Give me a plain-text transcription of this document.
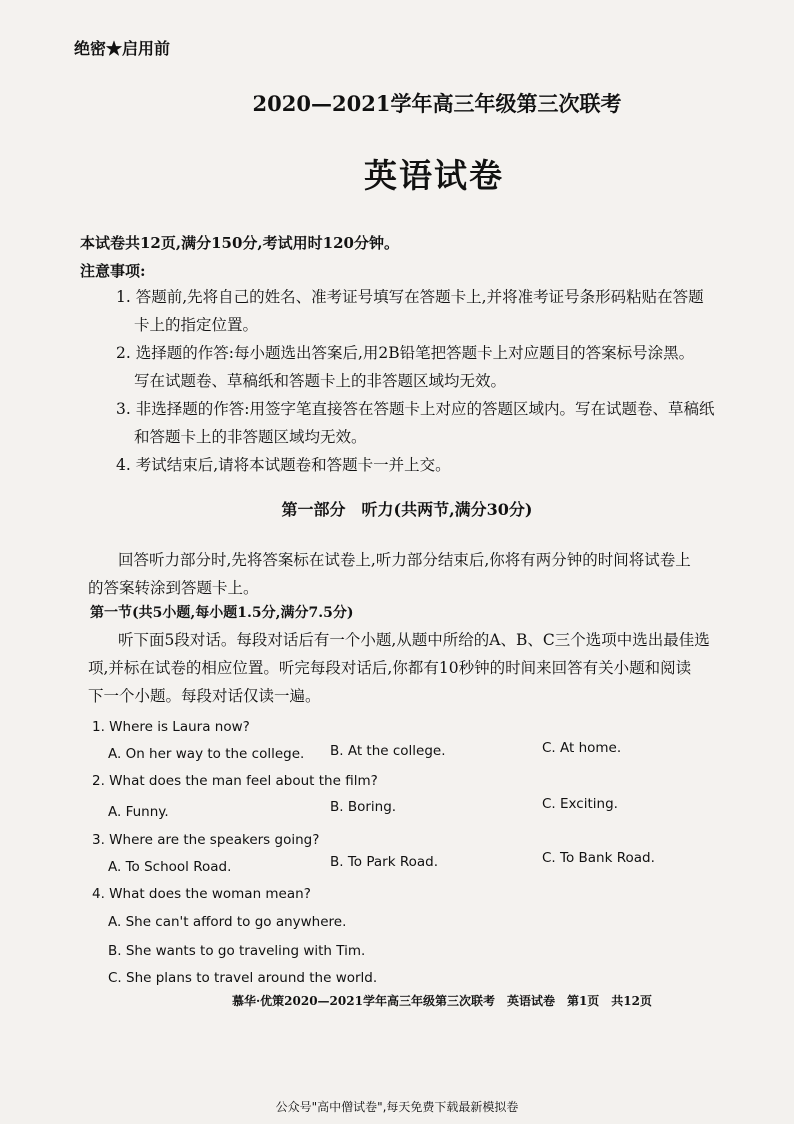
绝密★启用前
2020—2021学年高三年级第三次联考
英语试卷
本试卷共12页,满分150分,考试用时120分钟。
注意事项:
1. 答题前,先将自己的姓名、准考证号填写在答题卡上,并将准考证号条形码粘贴在答题
卡上的指定位置。
2. 选择题的作答:每小题选出答案后,用2B铅笔把答题卡上对应题目的答案标号涂黑。
写在试题卷、草稿纸和答题卡上的非答题区域均无效。
3. 非选择题的作答:用签字笔直接答在答题卡上对应的答题区域内。写在试题卷、草稿纸
和答题卡上的非答题区域均无效。
4. 考试结束后,请将本试题卷和答题卡一并上交。
第一部分　听力(共两节,满分30分)
回答听力部分时,先将答案标在试卷上,听力部分结束后,你将有两分钟的时间将试卷上
的答案转涂到答题卡上。
第一节(共5小题,每小题1.5分,满分7.5分)
听下面5段对话。每段对话后有一个小题,从题中所给的A、B、C三个选项中选出最佳选
项,并标在试卷的相应位置。听完每段对话后,你都有10秒钟的时间来回答有关小题和阅读
下一个小题。每段对话仅读一遍。
1. Where is Laura now?
A. On her way to the college. B. At the college.	C. At home.
2. What does the man feel about the film?
A. Funny.	B. Boring.	C. Exciting.
3. Where are the speakers going?
A. To School Road.	B. To Park Road.	C. To Bank Road.
4. What does the woman mean?
A. She can't afford to go anywhere.
B. She wants to go traveling with Tim.
C. She plans to travel around the world.
慕华·优策2020—2021学年高三年级第三次联考　英语试卷　第1页　共12页
公众号"高中僧试卷",每天免费下载最新模拟卷
